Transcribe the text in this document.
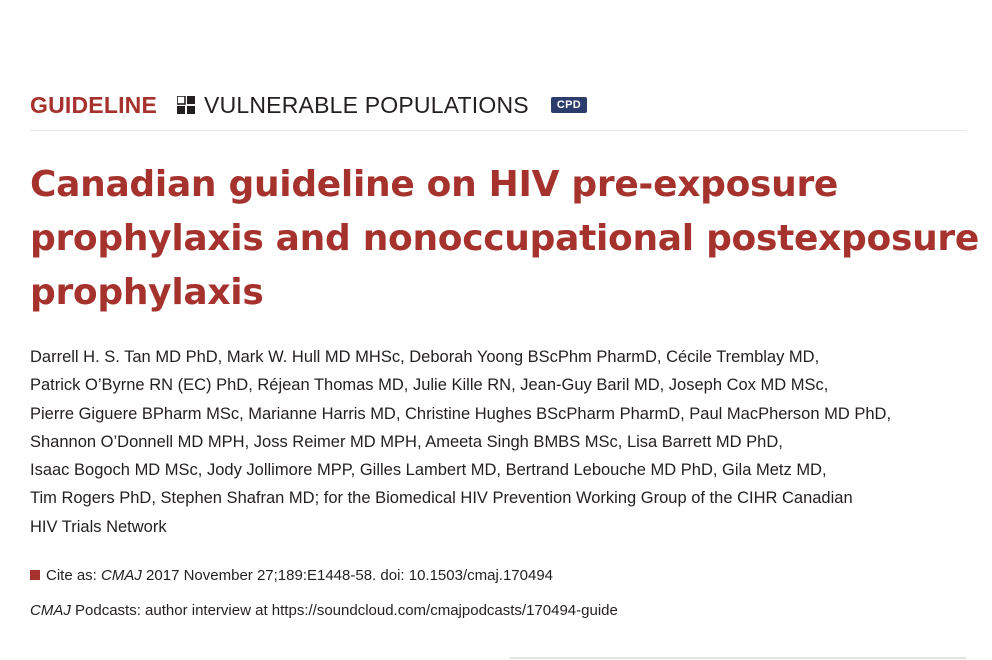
GUIDELINE VULNERABLE POPULATIONS	CPD
Canadian guideline on HIV pre-exposure prophylaxis and nonoccupational postexposure prophylaxis

Darrell H. S. Tan MD PhD, Mark W. Hull MD MHSc, Deborah Yoong BScPhm PharmD, Cécile Tremblay MD,
Patrick O’Byrne RN (EC) PhD, Réjean Thomas MD, Julie Kille RN, Jean-Guy Baril MD, Joseph Cox MD MSc,
Pierre Giguere BPharm MSc, Marianne Harris MD, Christine Hughes BScPharm PharmD, Paul MacPherson MD PhD,
Shannon O’Donnell MD MPH, Joss Reimer MD MPH, Ameeta Singh BMBS MSc, Lisa Barrett MD PhD,
Isaac Bogoch MD MSc, Jody Jollimore MPP, Gilles Lambert MD, Bertrand Lebouche MD PhD, Gila Metz MD,
Tim Rogers PhD, Stephen Shafran MD; for the Biomedical HIV Prevention Working Group of the CIHR Canadian
HIV Trials Network

Cite as: CMAJ 2017 November 27;189:E1448-58. doi: 10.1503/cmaj.170494
CMAJ Podcasts: author interview at https://soundcloud.com/cmajpodcasts/170494-guide
